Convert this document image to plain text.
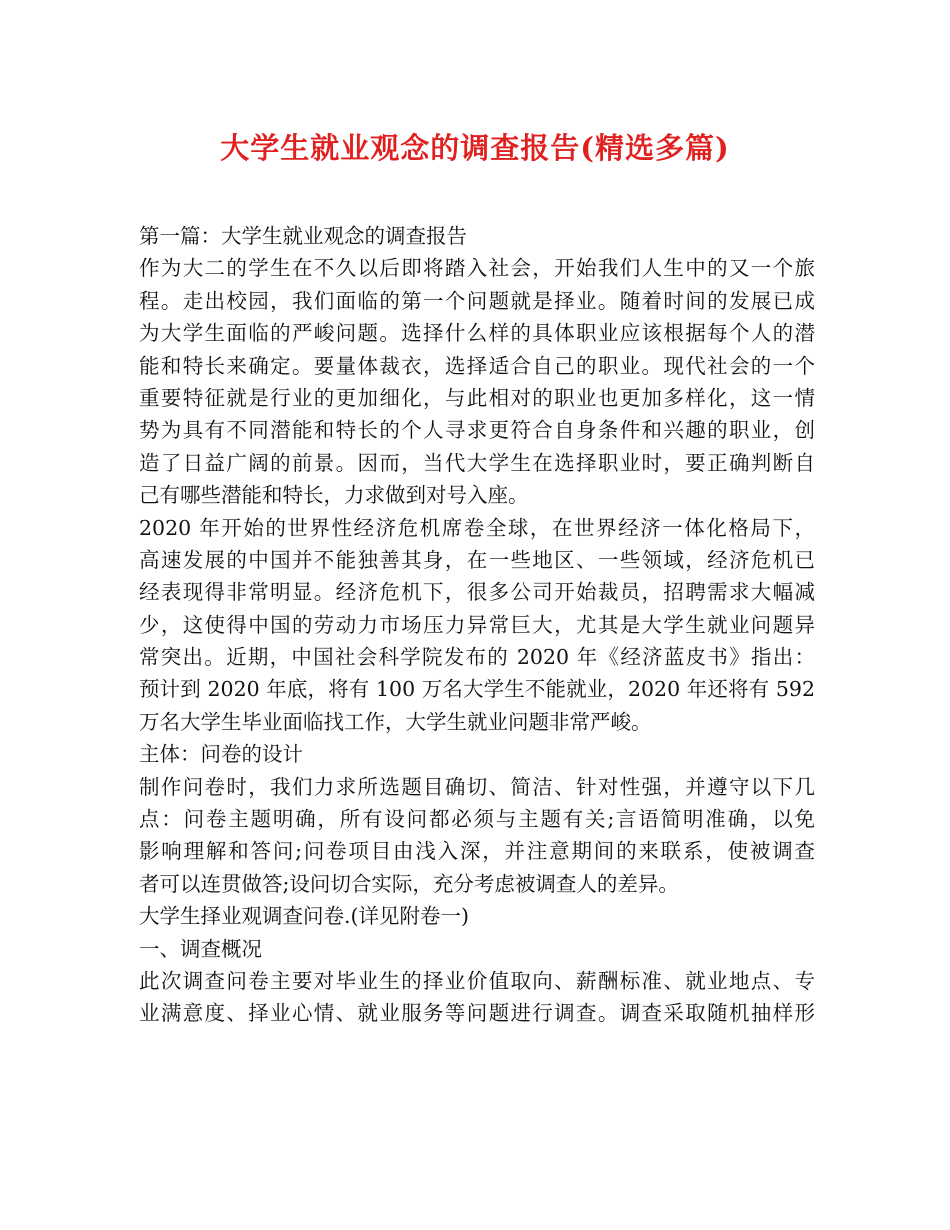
大学生就业观念的调查报告(精选多篇)
第一篇：大学生就业观念的调查报告
作为大二的学生在不久以后即将踏入社会，开始我们人生中的又一个旅
程。走出校园，我们面临的第一个问题就是择业。随着时间的发展已成
为大学生面临的严峻问题。选择什么样的具体职业应该根据每个人的潜
能和特长来确定。要量体裁衣，选择适合自己的职业。现代社会的一个
重要特征就是行业的更加细化，与此相对的职业也更加多样化，这一情
势为具有不同潜能和特长的个人寻求更符合自身条件和兴趣的职业，创
造了日益广阔的前景。因而，当代大学生在选择职业时，要正确判断自
己有哪些潜能和特长，力求做到对号入座。
2020 年开始的世界性经济危机席卷全球，在世界经济一体化格局下，
高速发展的中国并不能独善其身，在一些地区、一些领域，经济危机已
经表现得非常明显。经济危机下，很多公司开始裁员，招聘需求大幅减
少，这使得中国的劳动力市场压力异常巨大，尤其是大学生就业问题异
常突出。近期，中国社会科学院发布的 2020 年《经济蓝皮书》指出：
预计到 2020 年底，将有 100 万名大学生不能就业，2020 年还将有 592
万名大学生毕业面临找工作，大学生就业问题非常严峻。
主体：问卷的设计
制作问卷时，我们力求所选题目确切、简洁、针对性强，并遵守以下几
点：问卷主题明确，所有设问都必须与主题有关;言语简明准确，以免
影响理解和答问;问卷项目由浅入深，并注意期间的来联系，使被调查
者可以连贯做答;设问切合实际，充分考虑被调查人的差异。
大学生择业观调查问卷.(详见附卷一)
一、调查概况
此次调查问卷主要对毕业生的择业价值取向、薪酬标准、就业地点、专
业满意度、择业心情、就业服务等问题进行调查。调查采取随机抽样形
